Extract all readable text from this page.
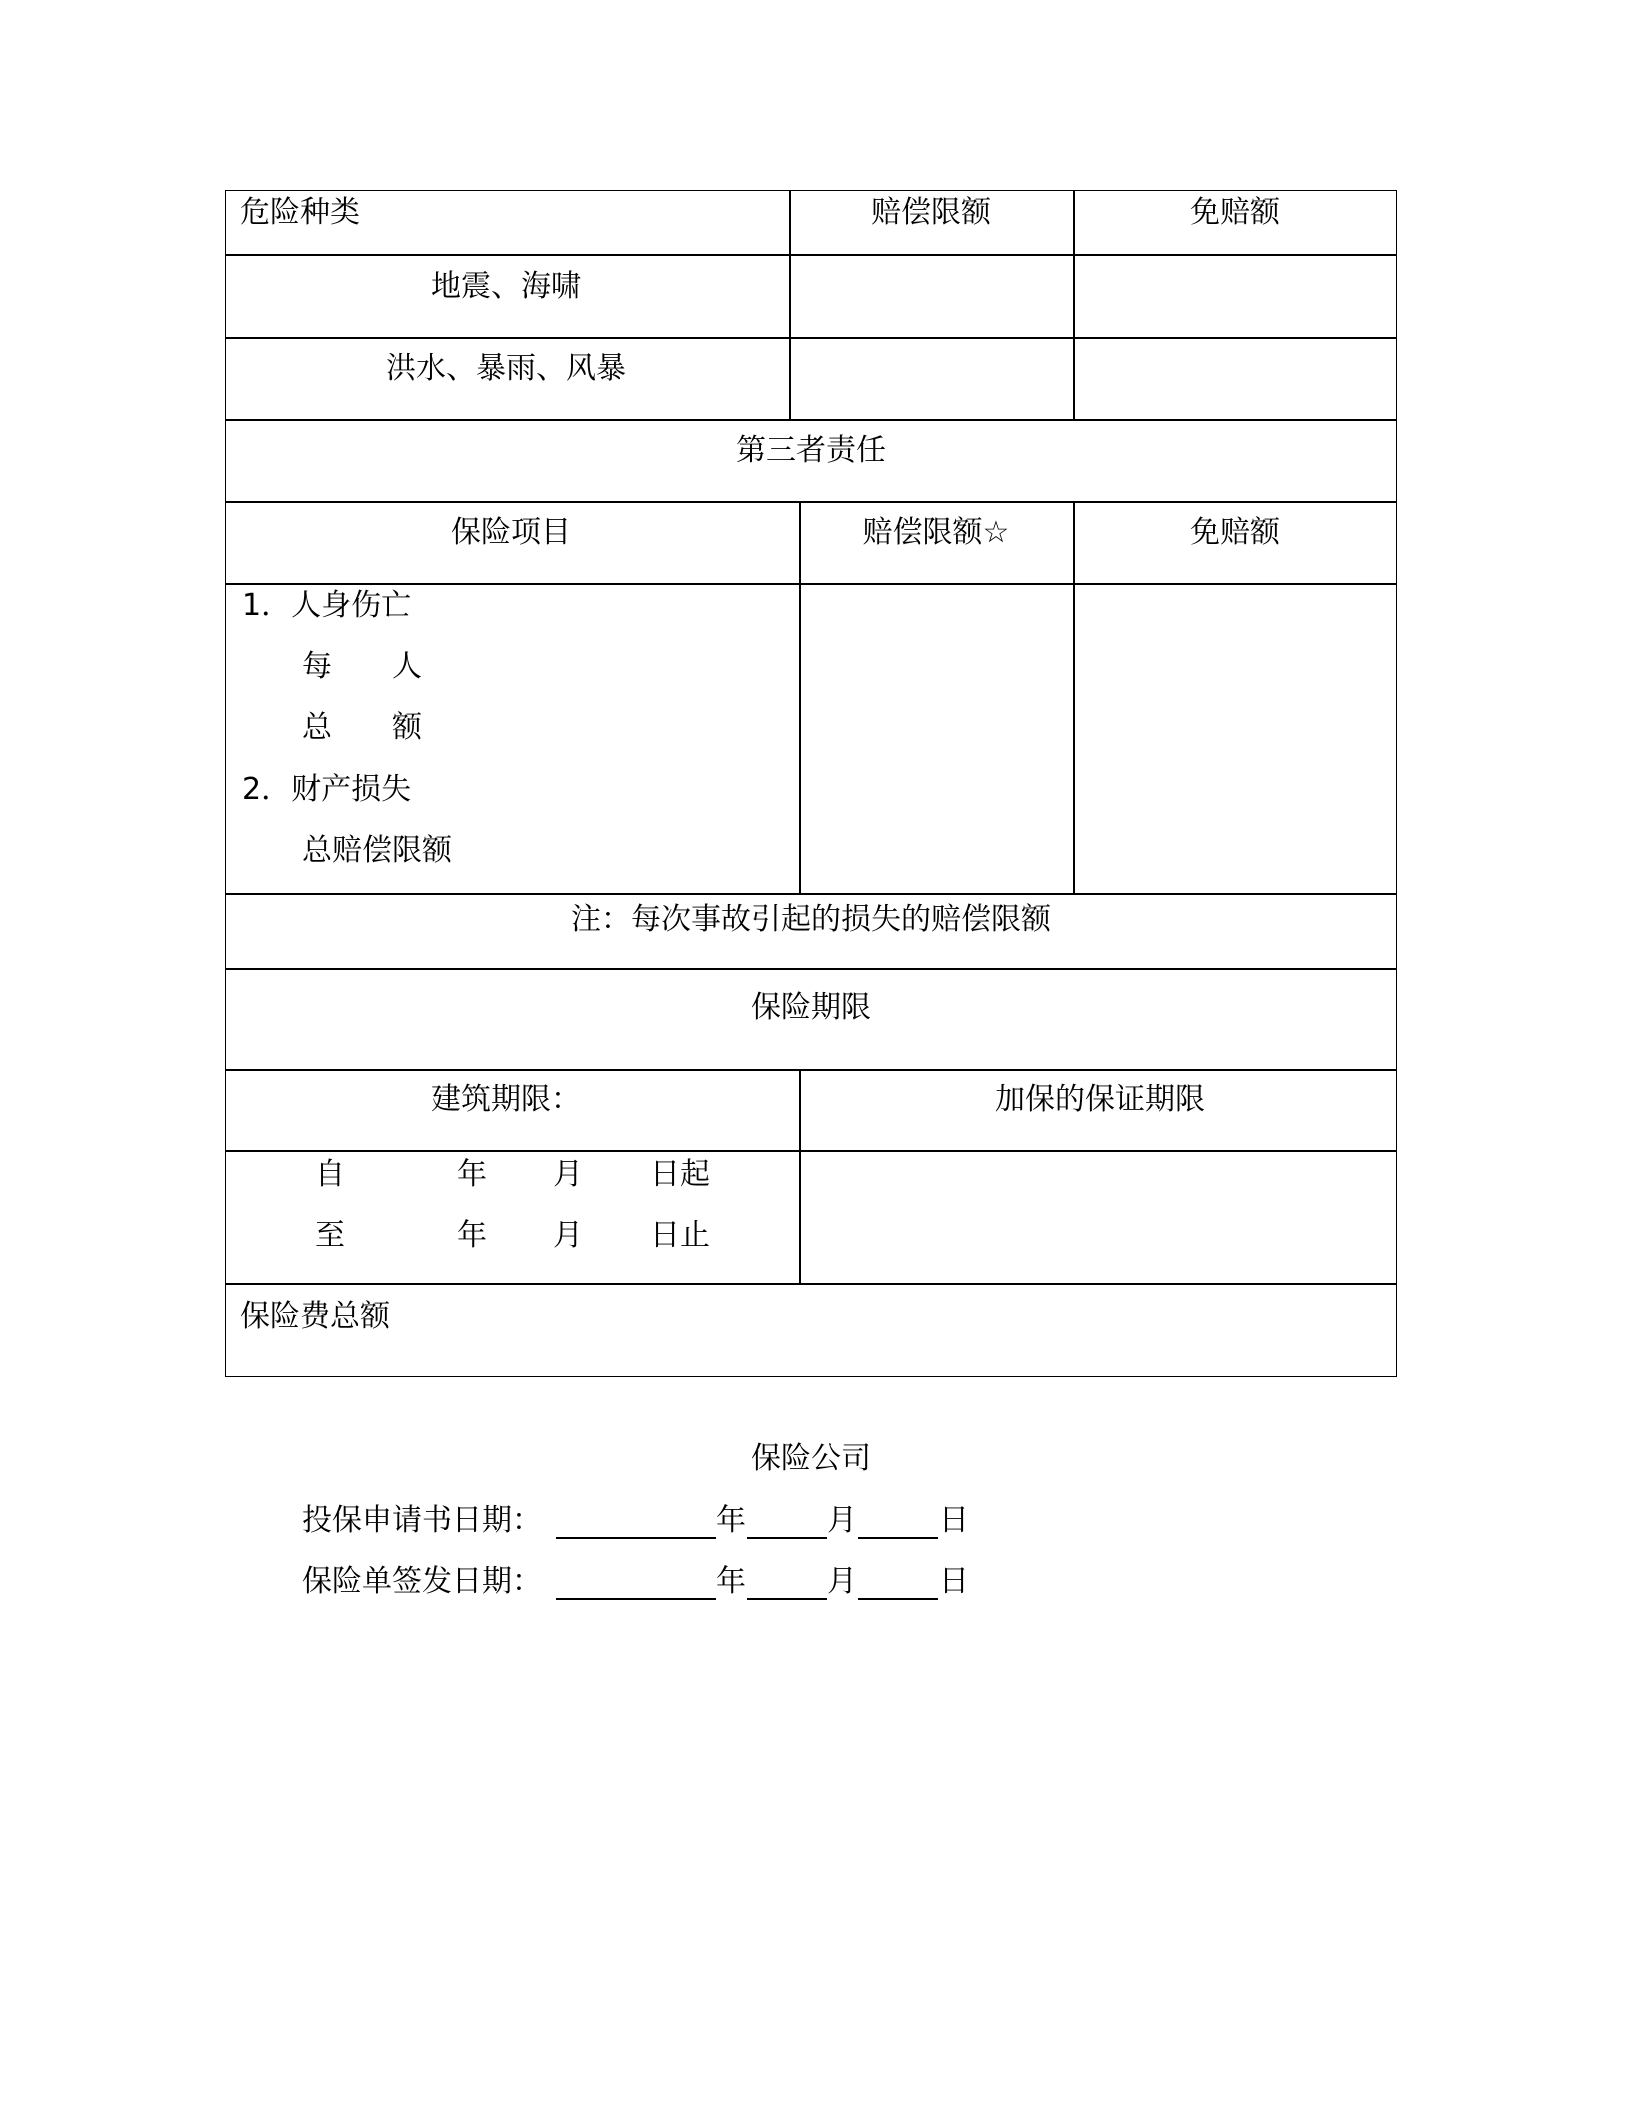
危险种类	赔偿限额	免赔额
地震、海啸
洪水、暴雨、风暴
第三者责任
保险项目	赔偿限额☆	免赔额
1．人身伤亡
每　　人
总　　额
2．财产损失
总赔偿限额
注：每次事故引起的损失的赔偿限额
保险期限
建筑期限：	加保的保证期限
自	年 月 日起
至	年 月 日止
保险费总额
保险公司
投保申请书日期：	年	月	日
保险单签发日期：	年	月	日
